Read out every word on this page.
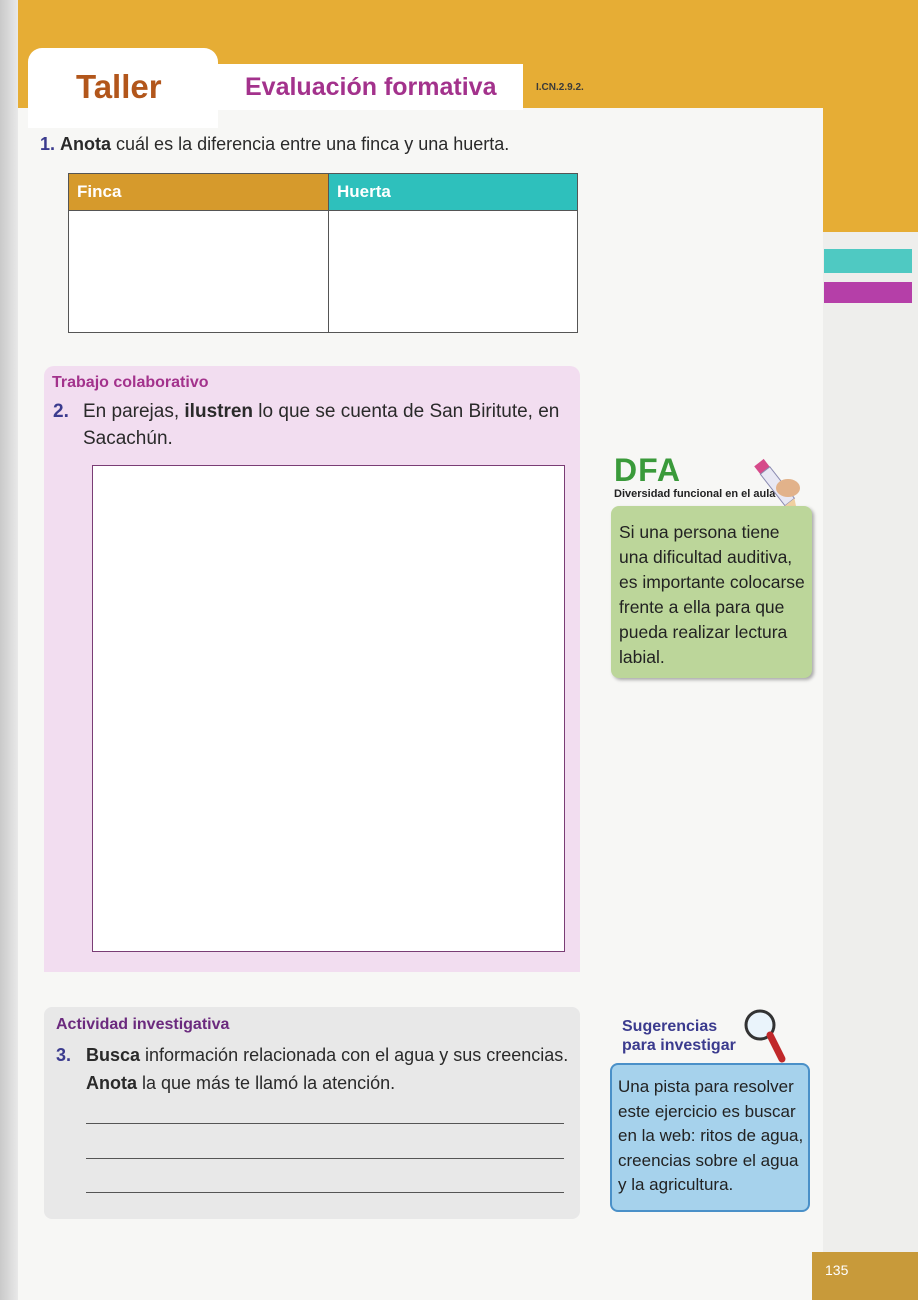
Taller	Evaluación formativa	I.CN.2.9.2.
1. Anota cuál es la diferencia entre una finca y una huerta.
Finca	Huerta

Trabajo colaborativo
2. En parejas, ilustren lo que se cuenta de San Biritute, en
Sacachún.
DFA
Diversidad funcional en el aula
Si una persona tiene una dificultad auditiva, es importante colocarse frente a ella para que pueda realizar lectura labial.
Actividad investigativa
3. Busca información relacionada con el agua y sus creencias.
Anota la que más te llamó la atención.
Sugerencias para investigar
Una pista para resolver este ejercicio es buscar en la web: ritos de agua, creencias sobre el agua y la agricultura.
135
